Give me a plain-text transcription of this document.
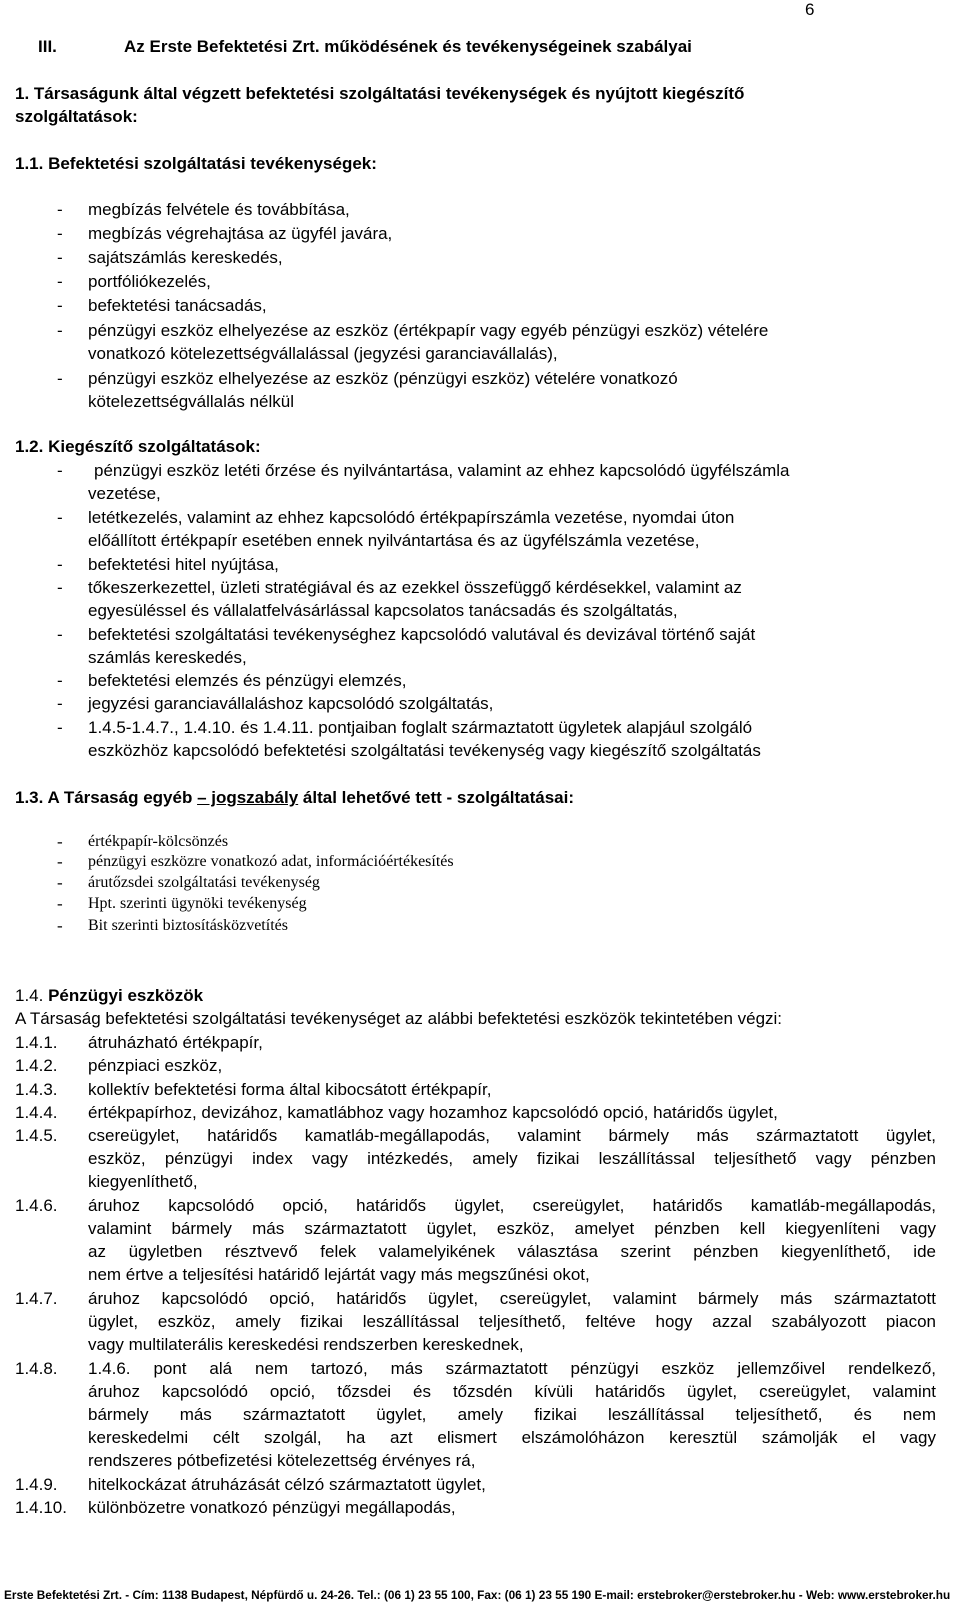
6
III.	Az Erste Befektetési Zrt. működésének és tevékenységeinek szabályai
1. Társaságunk által végzett befektetési szolgáltatási tevékenységek és nyújtott kiegészítő
szolgáltatások:
1.1. Befektetési szolgáltatási tevékenységek:
- megbízás felvétele és továbbítása,
- megbízás végrehajtása az ügyfél javára,
- sajátszámlás kereskedés,
- portfóliókezelés,
- befektetési tanácsadás,
- pénzügyi eszköz elhelyezése az eszköz (értékpapír vagy egyéb pénzügyi eszköz) vételére
vonatkozó kötelezettségvállalással (jegyzési garanciavállalás),
- pénzügyi eszköz elhelyezése az eszköz (pénzügyi eszköz) vételére vonatkozó
kötelezettségvállalás nélkül
1.2. Kiegészítő szolgáltatások:
- pénzügyi eszköz letéti őrzése és nyilvántartása, valamint az ehhez kapcsolódó ügyfélszámla
vezetése,
- letétkezelés, valamint az ehhez kapcsolódó értékpapírszámla vezetése, nyomdai úton
előállított értékpapír esetében ennek nyilvántartása és az ügyfélszámla vezetése,
- befektetési hitel nyújtása,
- tőkeszerkezettel, üzleti stratégiával és az ezekkel összefüggő kérdésekkel, valamint az
egyesüléssel és vállalatfelvásárlással kapcsolatos tanácsadás és szolgáltatás,
- befektetési szolgáltatási tevékenységhez kapcsolódó valutával és devizával történő saját
számlás kereskedés,
- befektetési elemzés és pénzügyi elemzés,
- jegyzési garanciavállaláshoz kapcsolódó szolgáltatás,
- 1.4.5-1.4.7., 1.4.10. és 1.4.11. pontjaiban foglalt származtatott ügyletek alapjául szolgáló
eszközhöz kapcsolódó befektetési szolgáltatási tevékenység vagy kiegészítő szolgáltatás
1.3. A Társaság egyéb – jogszabály által lehetővé tett - szolgáltatásai:
- értékpapír-kölcsönzés
- pénzügyi eszközre vonatkozó adat, információértékesítés
- árutőzsdei szolgáltatási tevékenység
- Hpt. szerinti ügynöki tevékenység
- Bit szerinti biztosításközvetítés
1.4. Pénzügyi eszközök
A Társaság befektetési szolgáltatási tevékenységet az alábbi befektetési eszközök tekintetében végzi:
1.4.1. átruházható értékpapír,
1.4.2. pénzpiaci eszköz,
1.4.3. kollektív befektetési forma által kibocsátott értékpapír,
1.4.4. értékpapírhoz, devizához, kamatlábhoz vagy hozamhoz kapcsolódó opció, határidős ügylet,
1.4.5. csereügylet, határidős kamatláb-megállapodás, valamint bármely más származtatott ügylet,
eszköz, pénzügyi index vagy intézkedés, amely fizikai leszállítással teljesíthető vagy pénzben
kiegyenlíthető,
1.4.6. áruhoz kapcsolódó opció, határidős ügylet, csereügylet, határidős kamatláb-megállapodás,
valamint bármely más származtatott ügylet, eszköz, amelyet pénzben kell kiegyenlíteni vagy
az ügyletben résztvevő felek valamelyikének választása szerint pénzben kiegyenlíthető, ide
nem értve a teljesítési határidő lejártát vagy más megszűnési okot,
1.4.7. áruhoz kapcsolódó opció, határidős ügylet, csereügylet, valamint bármely más származtatott
ügylet, eszköz, amely fizikai leszállítással teljesíthető, feltéve hogy azzal szabályozott piacon
vagy multilaterális kereskedési rendszerben kereskednek,
1.4.8. 1.4.6. pont alá nem tartozó, más származtatott pénzügyi eszköz jellemzőivel rendelkező,
áruhoz kapcsolódó opció, tőzsdei és tőzsdén kívüli határidős ügylet, csereügylet, valamint
bármely más származtatott ügylet, amely fizikai leszállítással teljesíthető, és nem
kereskedelmi célt szolgál, ha azt elismert elszámolóházon keresztül számolják el vagy
rendszeres pótbefizetési kötelezettség érvényes rá,
1.4.9. hitelkockázat átruházását célzó származtatott ügylet,
1.4.10. különbözetre vonatkozó pénzügyi megállapodás,
Erste Befektetési Zrt. - Cím: 1138 Budapest, Népfürdő u. 24-26. Tel.: (06 1) 23 55 100, Fax: (06 1) 23 55 190 E-mail: erstebroker@erstebroker.hu - Web: www.erstebroker.hu
